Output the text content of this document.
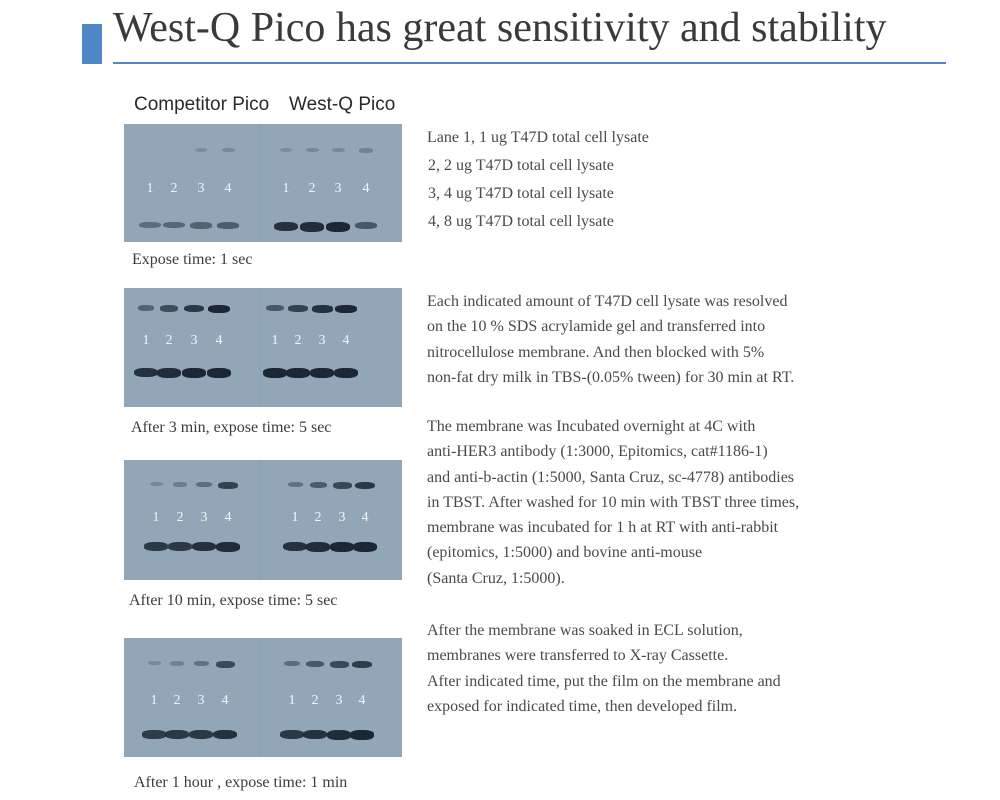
West-Q Pico has great sensitivity and stability
Competitor Pico West-Q Pico
1	2	3	4	1	2	3	4
1	2	3	4	1	2	3	4
1	2	3	4	1	2	3	4
1	2	3	4	1	2	3	4
Expose time: 1 sec
After 3 min, expose time: 5 sec
After 10 min, expose time: 5 sec
After 1 hour , expose time: 1 min
Lane 1, 1 ug T47D total cell lysate
2, 2 ug T47D total cell lysate
3, 4 ug T47D total cell lysate
4, 8 ug T47D total cell lysate
Each indicated amount of T47D cell lysate was resolved
on the 10 % SDS acrylamide gel and transferred into
nitrocellulose membrane. And then blocked with 5%
non-fat dry milk in TBS-(0.05% tween) for 30 min at RT.
The membrane was Incubated overnight at 4C with
anti-HER3 antibody (1:3000, Epitomics, cat#1186-1)
and anti-b-actin (1:5000, Santa Cruz, sc-4778) antibodies
in TBST. After washed for 10 min with TBST three times,
membrane was incubated for 1 h at RT with anti-rabbit
(epitomics, 1:5000) and bovine anti-mouse
(Santa Cruz, 1:5000).
After the membrane was soaked in ECL solution,
membranes were transferred to X-ray Cassette.
After indicated time, put the film on the membrane and
exposed for indicated time, then developed film.
